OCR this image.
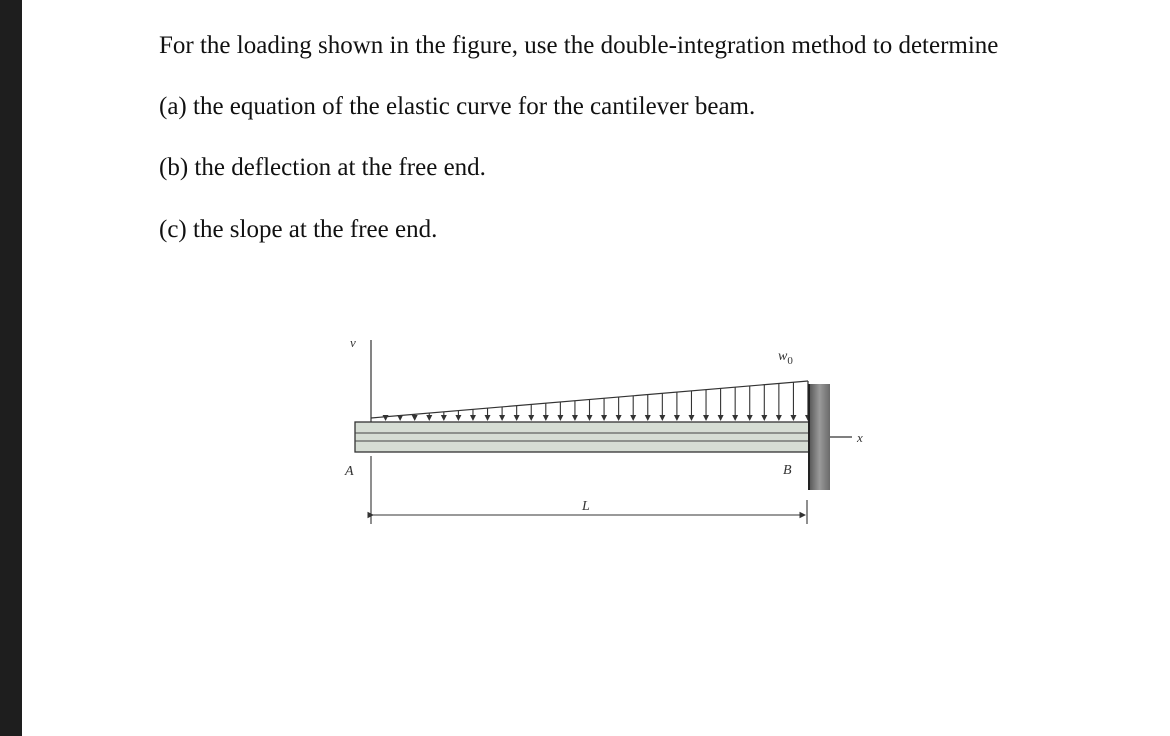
For the loading shown in the figure, use the double-integration method to determine
(a) the equation of the elastic curve for the cantilever beam.
(b) the deflection at the free end.
(c) the slope at the free end.
v
$w_0$
x
A	B
L
